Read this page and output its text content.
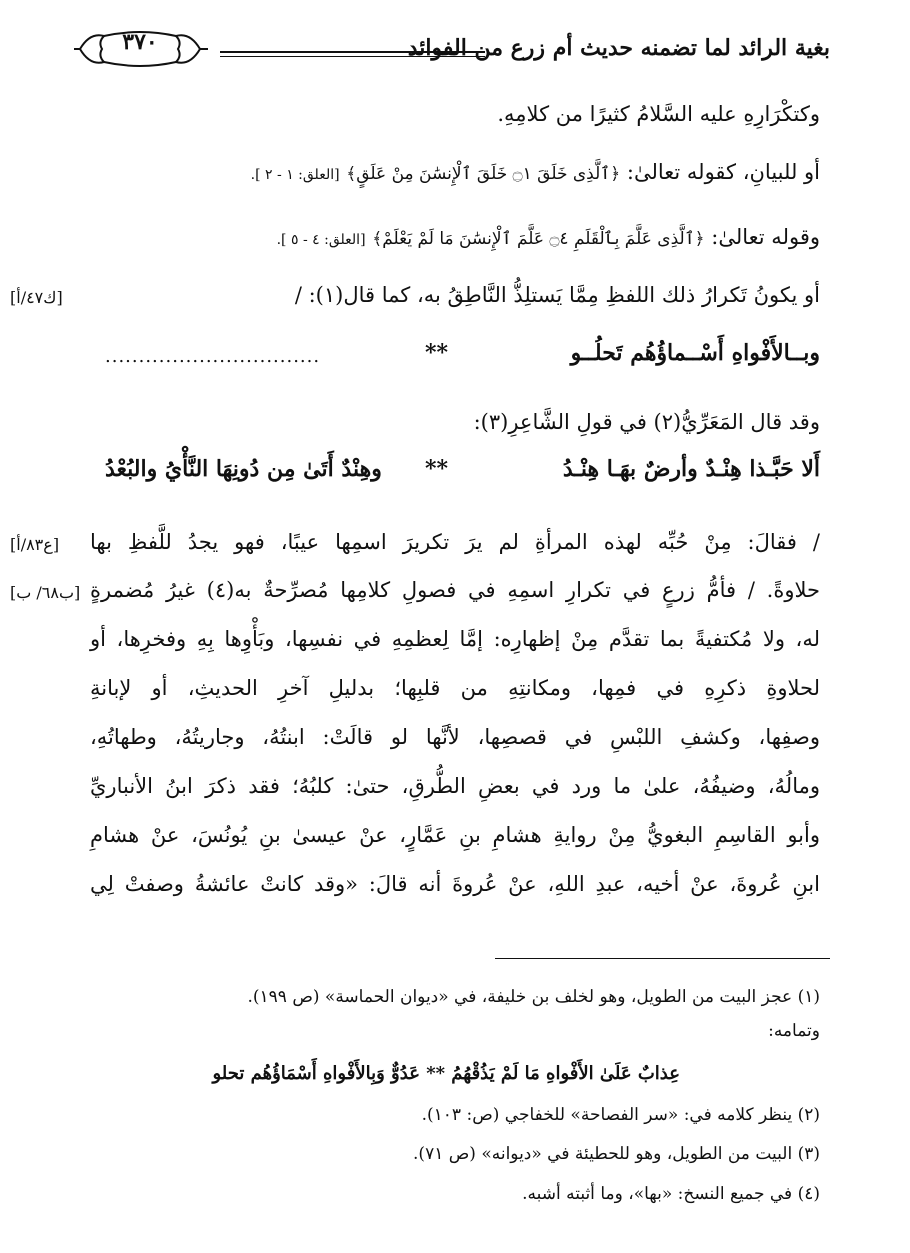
٣٧٠	بغية الرائد لما تضمنه حديث أم زرع من الفوائد
وكتكْرَارِهِ عليه السَّلامُ كثيرًا من كلامِهِ.
أو للبيانِ، كقوله تعالىٰ: ﴿ٱلَّذِى خَلَقَ ۝١ خَلَقَ ٱلْإِنسَٰنَ مِنْ عَلَقٍ﴾ [العلق: ١ - ٢ ].
وقوله تعالىٰ: ﴿ٱلَّذِى عَلَّمَ بِٱلْقَلَمِ ۝٤ عَلَّمَ ٱلْإِنسَٰنَ مَا لَمْ يَعْلَمْ﴾ [العلق: ٤ - ٥ ].
[ك٤٧/أ]	أو يكونُ تَكرارُ ذلك اللفظِ مِمَّا يَستلِذُّ النَّاطِقُ به، كما قال(١): /
وبــالأَفْواهِ أَسْــماؤُهُم تَحلُــو
**
................................
وقد قال المَعَرِّيُّ(٢) في قولِ الشَّاعِرِ(٣):
أَلا حَبَّـذا هِنْـدٌ وأرضٌ بهَـا هِنْـدُ
**
وهِنْدٌ أَتَىٰ مِن دُونِهَا النَّأْيُ والبُعْدُ
[ع٨٣/أ] / فقالَ: مِنْ حُبِّه لهذه المرأةِ لم يرَ تكريرَ اسمِها عيبًا، فهو يجدُ للَّفظِ بها
[ب٦٨/ ب] حلاوةً. / فأمُّ زرعٍ في تكرارِ اسمِهِ في فصولِ كلامِها مُصرِّحةٌ به(٤) غيرُ مُضمرةٍ
له، ولا مُكتفيةً بما تقدَّم مِنْ إظهارِه: إمَّا لِعظمِهِ في نفسِها، وبَأْوِها بِهِ وفخرِها، أو
لحلاوةِ ذكرِهِ في فمِها، ومكانتِهِ من قلبِها؛ بدليلِ آخرِ الحديثِ، أو لإبانةِ
وصفِها، وكشفِ اللبْسِ في قصصِها، لأنَّها لو قالَتْ: ابنتُهُ، وجاريتُهُ، وطهاتُهِ،
ومالُهُ، وضيفُهُ، علىٰ ما ورد في بعضِ الطُّرقِ، حتىٰ: كلبُهُ؛ فقد ذكرَ ابنُ الأنباريِّ
وأبو القاسِمِ البغويُّ مِنْ روايةِ هشامِ بنِ عَمَّارٍ، عنْ عيسىٰ بنِ يُونُسَ، عنْ هشامِ
ابنِ عُروةَ، عنْ أخيه، عبدِ اللهِ، عنْ عُروةَ أنه قالَ: «وقد كانتْ عائشةُ وصفتْ لِي
(١) عجز البيت من الطويل، وهو لخلف بن خليفة، في «ديوان الحماسة» (ص ١٩٩).
وتمامه:
عِذابٌ عَلَىٰ الأَفْواهِ مَا لَمْ يَذُقْهُمُ ** عَدُوٌّ وَبِالأَفْواهِ أَسْمَاؤُهُم تحلو
(٢) ينظر كلامه في: «سر الفصاحة» للخفاجي (ص: ١٠٣).
(٣) البيت من الطويل، وهو للحطيئة في «ديوانه» (ص ٧١).
(٤) في جميع النسخ: «بها»، وما أثبته أشبه.
